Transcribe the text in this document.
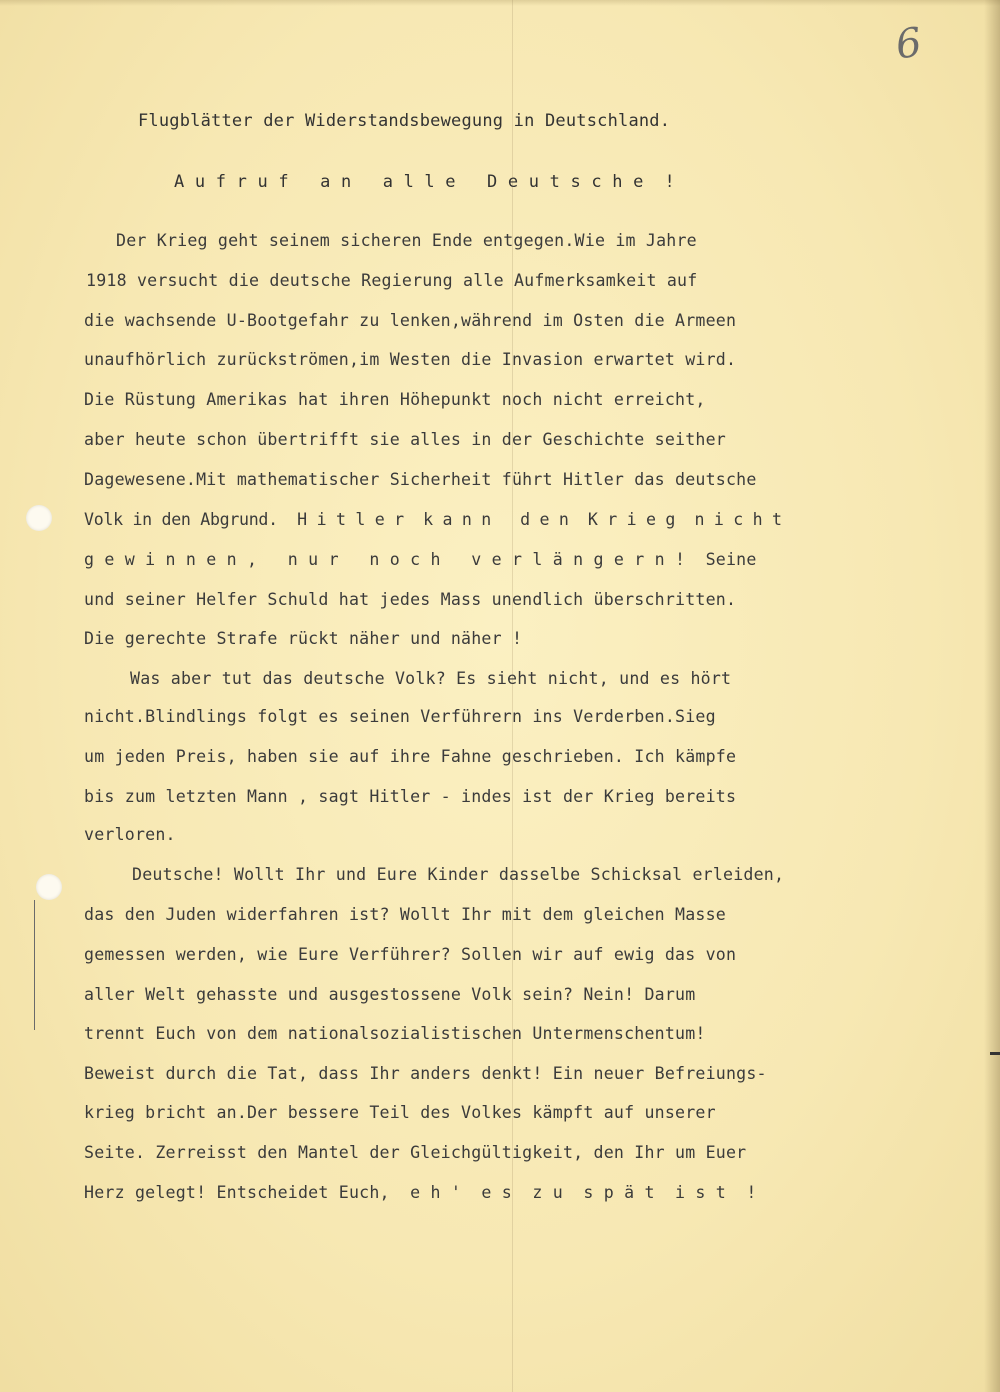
6
Flugblätter der Widerstandsbewegung in Deutschland.
A u f r u f   a n   a l l e   D e u t s c h e  !
Der Krieg geht seinem sicheren Ende entgegen.Wie im Jahre
1918 versucht die deutsche Regierung alle Aufmerksamkeit auf
die wachsende U-Bootgefahr zu lenken,während im Osten die Armeen
unaufhörlich zurückströmen,im Westen die Invasion erwartet wird.
Die Rüstung Amerikas hat ihren Höhepunkt noch nicht erreicht,
aber heute schon übertrifft sie alles in der Geschichte seither
Dagewesene.Mit mathematischer Sicherheit führt Hitler das deutsche
Volk in den Abgrund.  H i t l e r  k a n n   d e n  K r i e g  n i c h t
g e w i n n e n ,   n u r   n o c h   v e r l ä n g e r n !  Seine
und seiner Helfer Schuld hat jedes Mass unendlich überschritten.
Die gerechte Strafe rückt näher und näher !
Was aber tut das deutsche Volk? Es sieht nicht, und es hört
nicht.Blindlings folgt es seinen Verführern ins Verderben.Sieg
um jeden Preis, haben sie auf ihre Fahne geschrieben. Ich kämpfe
bis zum letzten Mann , sagt Hitler - indes ist der Krieg bereits
verloren.
Deutsche! Wollt Ihr und Eure Kinder dasselbe Schicksal erleiden,
das den Juden widerfahren ist? Wollt Ihr mit dem gleichen Masse
gemessen werden, wie Eure Verführer? Sollen wir auf ewig das von
aller Welt gehasste und ausgestossene Volk sein? Nein! Darum
trennt Euch von dem nationalsozialistischen Untermenschentum!
Beweist durch die Tat, dass Ihr anders denkt! Ein neuer Befreiungs-
krieg bricht an.Der bessere Teil des Volkes kämpft auf unserer
Seite. Zerreisst den Mantel der Gleichgültigkeit, den Ihr um Euer
Herz gelegt! Entscheidet Euch,  e h '  e s  z u  s p ä t  i s t  !
